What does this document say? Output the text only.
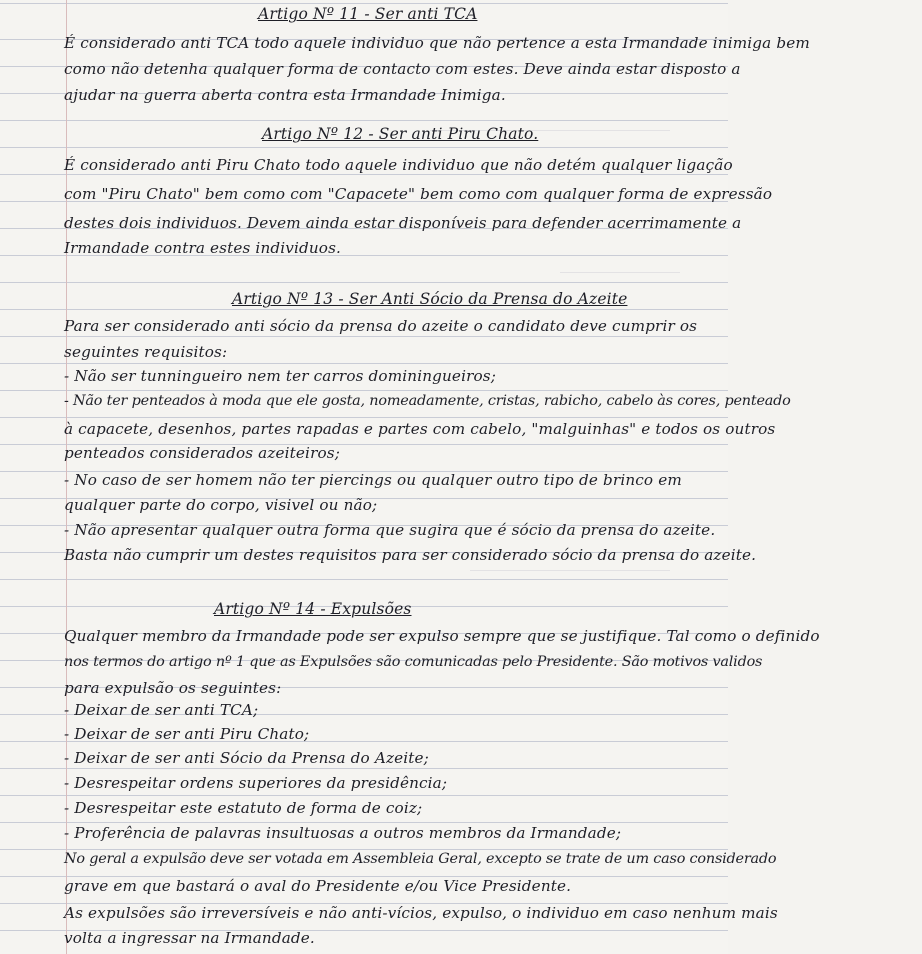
Artigo Nº 11 - Ser anti TCA
É considerado anti TCA todo aquele individuo que não pertence a esta Irmandade inimiga bem
como não detenha qualquer forma de contacto com estes. Deve ainda estar disposto a
ajudar na guerra aberta contra esta Irmandade Inimiga.
Artigo Nº 12 - Ser anti Piru Chato.
É considerado anti Piru Chato todo aquele individuo que não detém qualquer ligação
com "Piru Chato" bem como com "Capacete" bem como com qualquer forma de expressão
destes dois individuos. Devem ainda estar disponíveis para defender acerrimamente a
Irmandade contra estes individuos.
Artigo Nº 13 - Ser Anti Sócio da Prensa do Azeite
Para ser considerado anti sócio da prensa do azeite o candidato deve cumprir os
seguintes requisitos:
- Não ser tunningueiro nem ter carros dominingueiros;
- Não ter penteados à moda que ele gosta, nomeadamente, cristas, rabicho, cabelo às cores, penteado
à capacete, desenhos, partes rapadas e partes com cabelo, "malguinhas" e todos os outros
penteados considerados azeiteiros;
- No caso de ser homem não ter piercings ou qualquer outro tipo de brinco em
qualquer parte do corpo, visivel ou não;
- Não apresentar qualquer outra forma que sugira que é sócio da prensa do azeite.
Basta não cumprir um destes requisitos para ser considerado sócio da prensa do azeite.
Artigo Nº 14 - Expulsões
Qualquer membro da Irmandade pode ser expulso sempre que se justifique. Tal como o definido
nos termos do artigo nº 1 que as Expulsões são comunicadas pelo Presidente. São motivos validos
para expulsão os seguintes:
- Deixar de ser anti TCA;
- Deixar de ser anti Piru Chato;
- Deixar de ser anti Sócio da Prensa do Azeite;
- Desrespeitar ordens superiores da presidência;
- Desrespeitar este estatuto de forma de coiz;
- Proferência de palavras insultuosas a outros membros da Irmandade;
No geral a expulsão deve ser votada em Assembleia Geral, excepto se trate de um caso considerado
grave em que bastará o aval do Presidente e/ou Vice Presidente.
As expulsões são irreversíveis e não anti-vícios, expulso, o individuo em caso nenhum mais
volta a ingressar na Irmandade.
